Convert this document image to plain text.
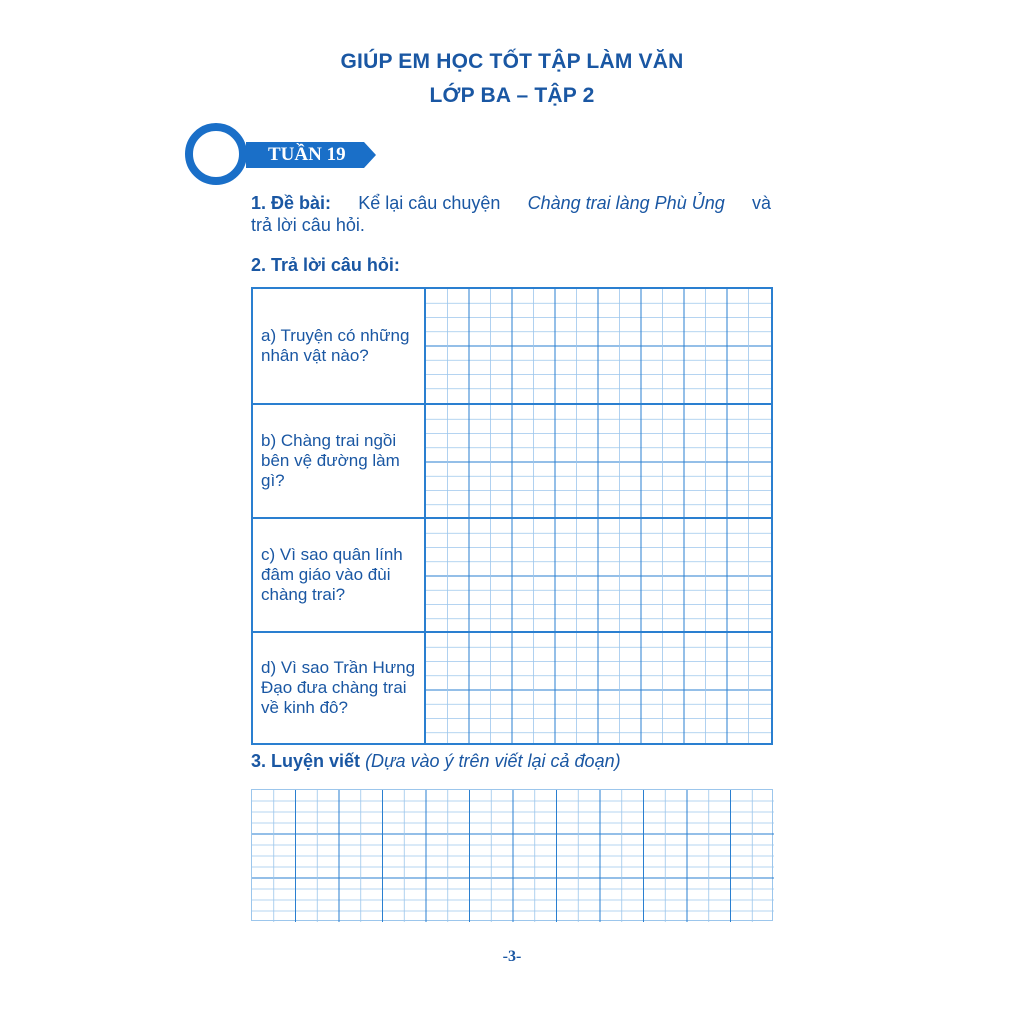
GIÚP EM HỌC TỐT TẬP LÀM VĂN
LỚP BA – TẬP 2
TUẦN 19
1. Đề bài: Kể lại câu chuyện Chàng trai làng Phù Ủng và
trả lời câu hỏi.
2. Trả lời câu hỏi:
a) Truyện có những nhân vật nào?
b) Chàng trai ngồi bên vệ đường làm gì?
c) Vì sao quân lính đâm giáo vào đùi chàng trai?
d) Vì sao Trần Hưng Đạo đưa chàng trai về kinh đô?
3. Luyện viết (Dựa vào ý trên viết lại cả đoạn)
-3-
